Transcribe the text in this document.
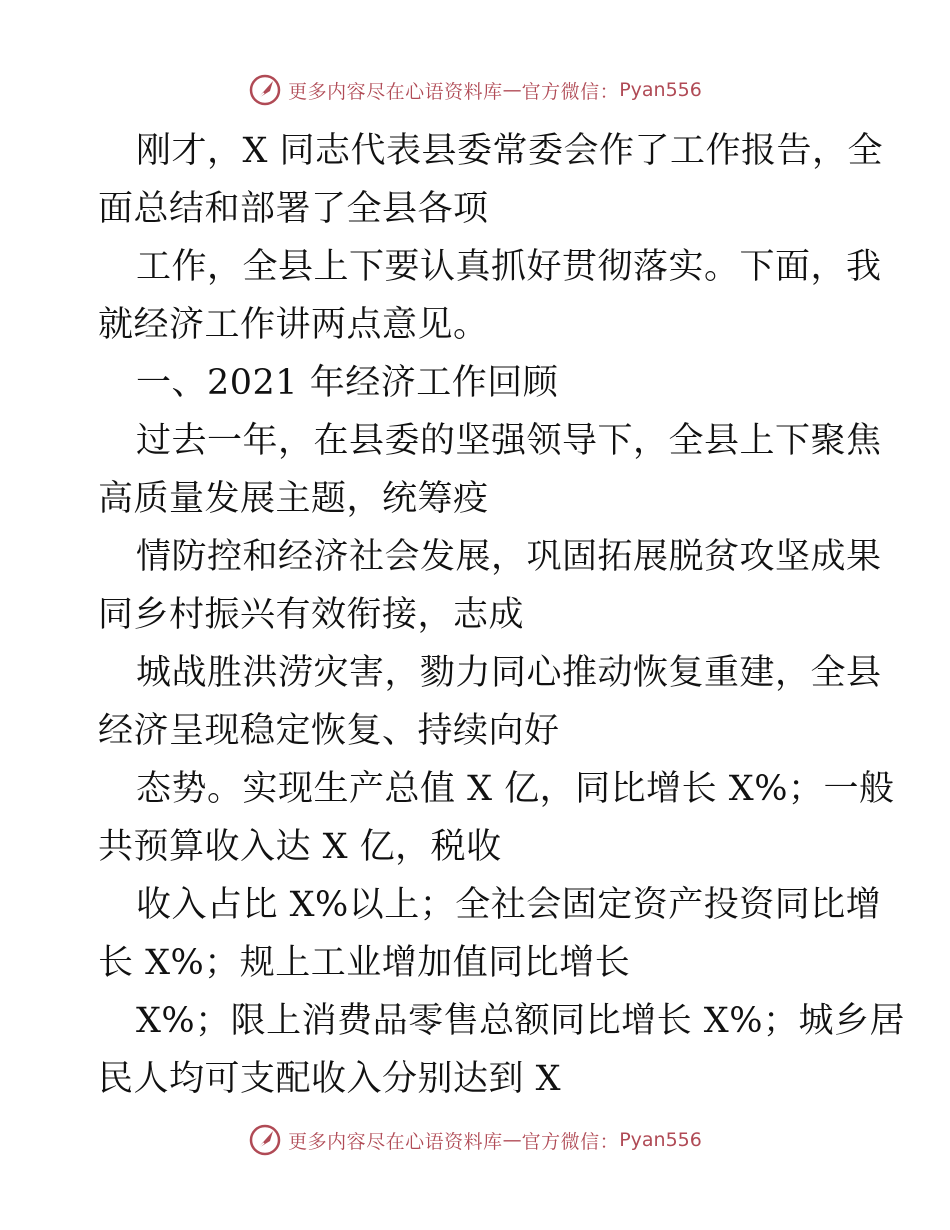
更多内容尽在心语资料库 — 官方微信： Pyan556

刚才，X 同志代表县委常委会作了工作报告，全
面总结和部署了全县各项

工作，全县上下要认真抓好贯彻落实。下面，我
就经济工作讲两点意见。

一、2021 年经济工作回顾

过去一年，在县委的坚强领导下，全县上下聚焦
高质量发展主题，统筹疫

情防控和经济社会发展，巩固拓展脱贫攻坚成果
同乡村振兴有效衔接，志成

城战胜洪涝灾害，勠力同心推动恢复重建，全县
经济呈现稳定恢复、持续向好

态势。实现生产总值 X 亿，同比增长 X%；一般
共预算收入达 X 亿，税收

收入占比 X%以上；全社会固定资产投资同比增
长 X%；规上工业增加值同比增长

X%；限上消费品零售总额同比增长 X%；城乡居
民人均可支配收入分别达到 X

更多内容尽在心语资料库 — 官方微信： Pyan556
